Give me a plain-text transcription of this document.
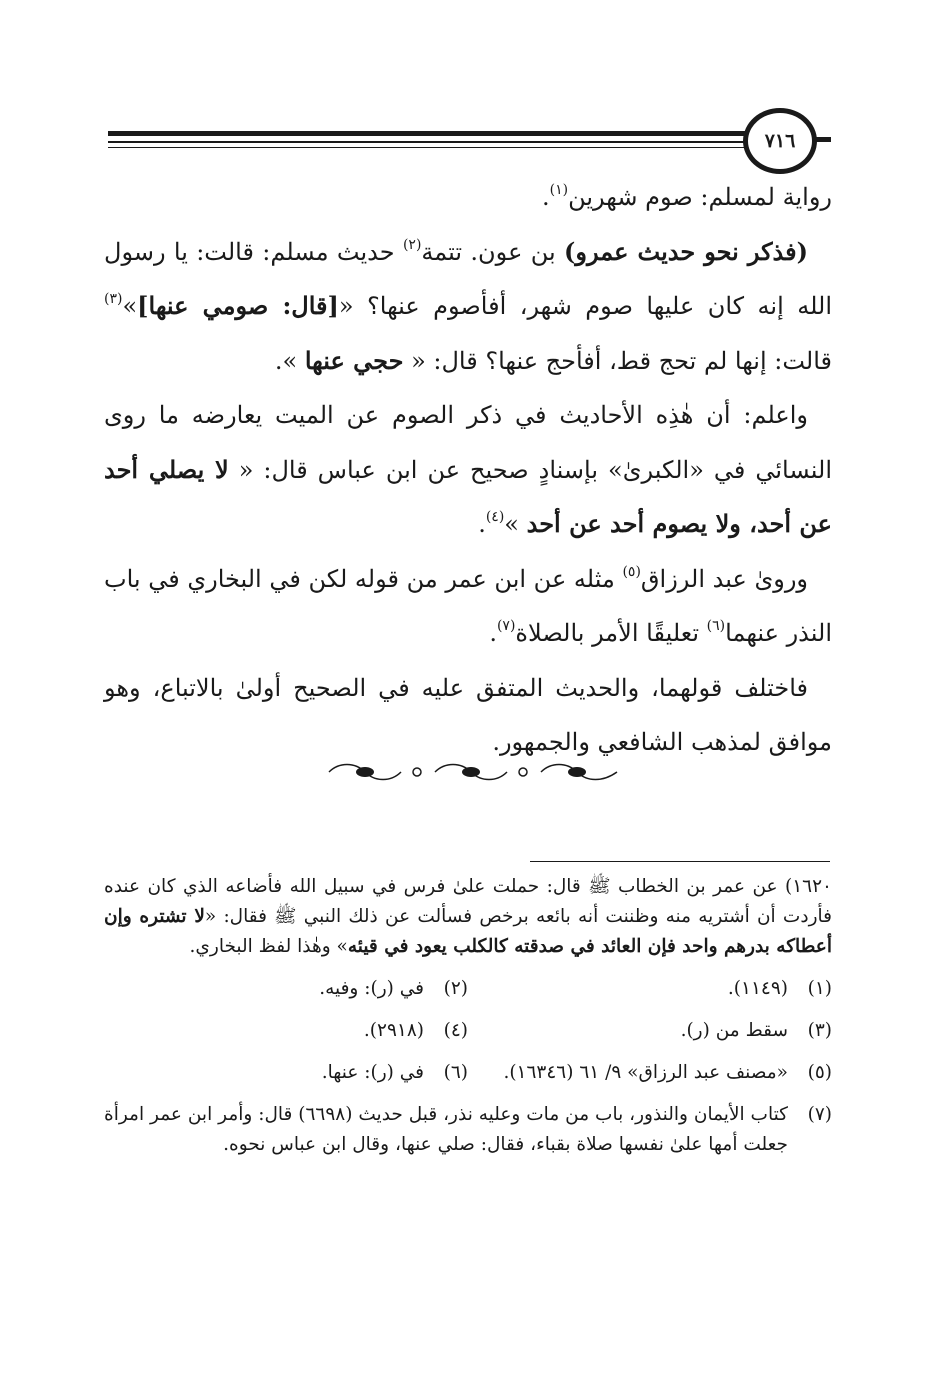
٧١٦

رواية لمسلم: صوم شهرين$^{(١)}$.

(فذكر نحو حديث عمرو) بن عون. تتمة$^{(٢)}$ حديث مسلم: قالت: يا رسول الله إنه كان عليها صوم شهر، أفأصوم عنها؟ «[قال: صومي عنها]»$^{(٣)}$ قالت: إنها لم تحج قط، أفأحج عنها؟ قال: « حجي عنها ».

واعلم: أن هٰذِه الأحاديث في ذكر الصوم عن الميت يعارضه ما روى النسائي في «الكبرىٰ» بإسنادٍ صحيح عن ابن عباس قال: « لا يصلي أحد عن أحد، ولا يصوم أحد عن أحد »$^{(٤)}$.

ورویٰ عبد الرزاق$^{(٥)}$ مثله عن ابن عمر من قوله لكن في البخاري في باب النذر عنهما$^{(٦)}$ تعليقًا الأمر بالصلاة$^{(٧)}$.

فاختلف قولهما، والحديث المتفق عليه في الصحيح أولىٰ بالاتباع، وهو موافق لمذهب الشافعي والجمهور.

١٦٢٠) عن عمر بن الخطاب ﷺ قال: حملت علىٰ فرس في سبيل الله فأضاعه الذي كان عنده فأردت أن أشتريه منه وظننت أنه بائعه برخص فسألت عن ذلك النبي ﷺ فقال: «لا تشتره وإن أعطاكه بدرهم واحد فإن العائد في صدقته كالكلب يعود في قيئه» وهٰذا لفظ البخاري.

(١)
(١١٤٩).
(٢)
في (ر): وفيه.
(٣)
سقط من (ر).
(٤)
(٢٩١٨).
(٥)
«مصنف عبد الرزاق» ٩/ ٦١ (١٦٣٤٦).
(٦)
في (ر): عنها.
(٧)
كتاب الأيمان والنذور، باب من مات وعليه نذر، قبل حديث (٦٦٩٨) قال: وأمر ابن عمر امرأة جعلت أمها علىٰ نفسها صلاة بقباء، فقال: صلي عنها، وقال ابن عباس نحوه.
